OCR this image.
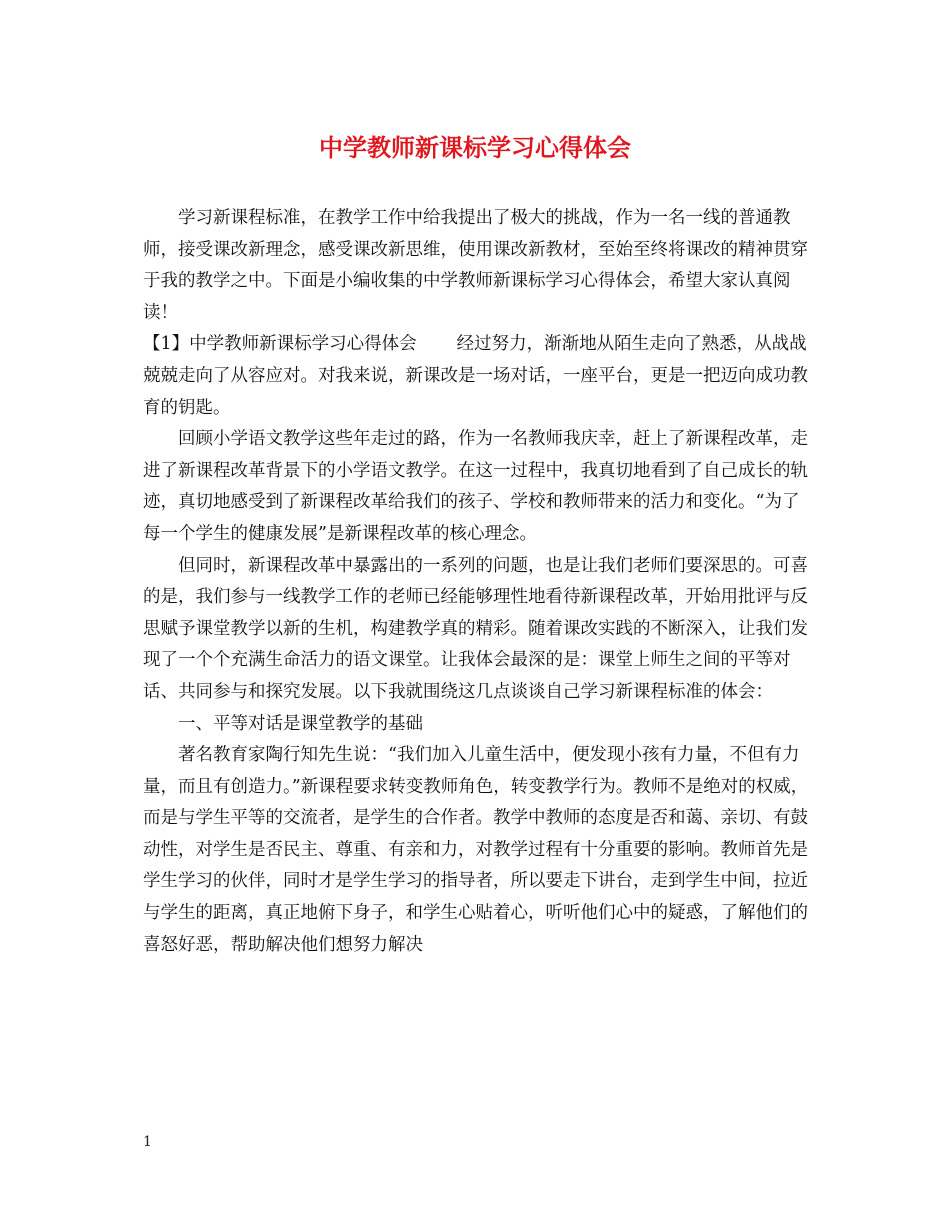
中学教师新课标学习心得体会

学习新课程标准，在教学工作中给我提出了极大的挑战，作为一名一线的普通教师，接受课改新理念，感受课改新思维，使用课改新教材，至始至终将课改的精神贯穿于我的教学之中。下面是小编收集的中学教师新课标学习心得体会，希望大家认真阅读！

【1】中学教师新课标学习心得体会 经过努力，渐渐地从陌生走向了熟悉，从战战兢兢走向了从容应对。对我来说，新课改是一场对话，一座平台，更是一把迈向成功教育的钥匙。

回顾小学语文教学这些年走过的路，作为一名教师我庆幸，赶上了新课程改革，走进了新课程改革背景下的小学语文教学。在这一过程中，我真切地看到了自己成长的轨迹，真切地感受到了新课程改革给我们的孩子、学校和教师带来的活力和变化。“为了每一个学生的健康发展”是新课程改革的核心理念。

但同时，新课程改革中暴露出的一系列的问题，也是让我们老师们要深思的。可喜的是，我们参与一线教学工作的老师已经能够理性地看待新课程改革，开始用批评与反思赋予课堂教学以新的生机，构建教学真的精彩。随着课改实践的不断深入，让我们发现了一个个充满生命活力的语文课堂。让我体会最深的是：课堂上师生之间的平等对话、共同参与和探究发展。以下我就围绕这几点谈谈自己学习新课程标准的体会：

一、平等对话是课堂教学的基础

著名教育家陶行知先生说：“我们加入儿童生活中，便发现小孩有力量，不但有力量，而且有创造力。”新课程要求转变教师角色，转变教学行为。教师不是绝对的权威，而是与学生平等的交流者，是学生的合作者。教学中教师的态度是否和蔼、亲切、有鼓动性，对学生是否民主、尊重、有亲和力，对教学过程有十分重要的影响。教师首先是学生学习的伙伴，同时才是学生学习的指导者，所以要走下讲台，走到学生中间，拉近与学生的距离，真正地俯下身子，和学生心贴着心，听听他们心中的疑惑，了解他们的喜怒好恶，帮助解决他们想努力解决

1
